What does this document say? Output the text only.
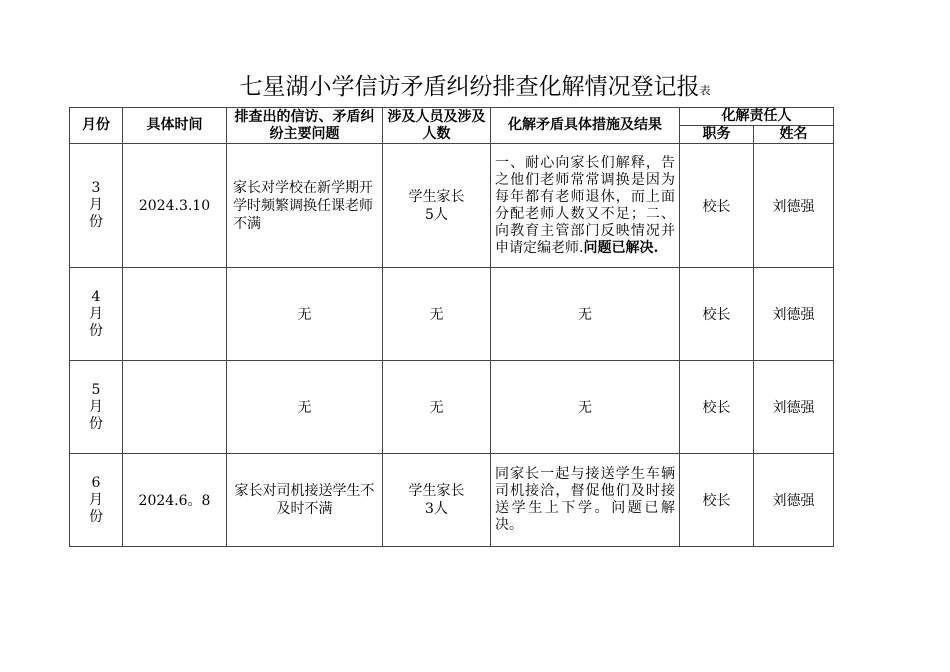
七星湖小学信访矛盾纠纷排查化解情况登记报表
月份	具体时间	排查出的信访、矛盾纠纷主要问题	涉及人员及涉及人数	化解矛盾具体措施及结果	化解责任人	
					职务	姓名

3月份	2024.3.10	家长对学校在新学期开学时频繁调换任课老师不满	学生家长5人	一、耐心向家长们解释，告之他们老师常常调换是因为每年都有老师退休，而上面分配老师人数又不足；二、向教育主管部门反映情况并申请定编老师.问题已解决.	校长	刘德强

4月份		无	无	无	校长	刘德强

5月份		无	无	无	校长	刘德强

6月份	2024.6。8	家长对司机接送学生不及时不满	学生家长3人	同家长一起与接送学生车辆司机接洽，督促他们及时接送学生上下学。问题已解决。	校长	刘德强
